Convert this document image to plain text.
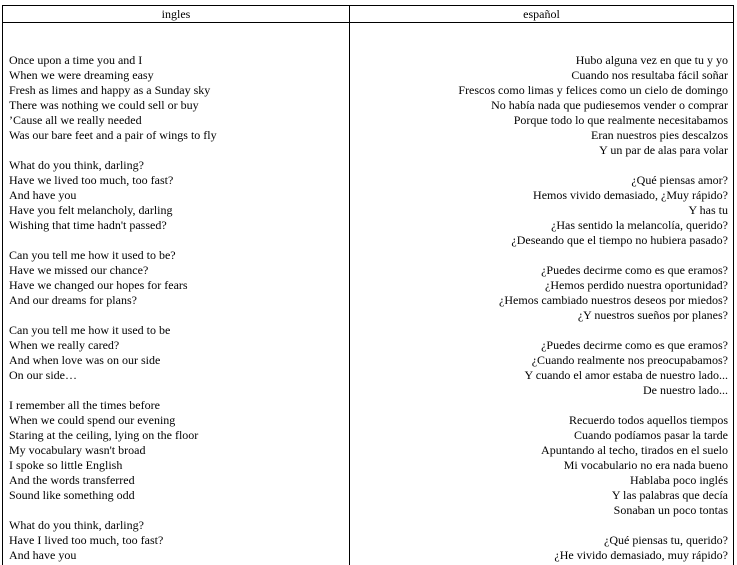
ingles	español
Once upon a time you and I
When we were dreaming easy
Fresh as limes and happy as a Sunday sky
There was nothing we could sell or buy
’Cause all we really needed
Was our bare feet and a pair of wings to fly
What do you think, darling?
Have we lived too much, too fast?
And have you
Have you felt melancholy, darling
Wishing that time hadn't passed?
Can you tell me how it used to be?
Have we missed our chance?
Have we changed our hopes for fears
And our dreams for plans?
Can you tell me how it used to be
When we really cared?
And when love was on our side
On our side…
I remember all the times before
When we could spend our evening
Staring at the ceiling, lying on the floor
My vocabulary wasn't broad
I spoke so little English
And the words transferred
Sound like something odd
What do you think, darling?
Have I lived too much, too fast?
And have you
Hubo alguna vez en que tu y yo
Cuando nos resultaba fácil soñar
Frescos como limas y felices como un cielo de domingo
No había nada que pudiesemos vender o comprar
Porque todo lo que realmente necesitabamos
Eran nuestros pies descalzos
Y un par de alas para volar
¿Qué piensas amor?
Hemos vivido demasiado, ¿Muy rápido?
Y has tu
¿Has sentido la melancolía, querido?
¿Deseando que el tiempo no hubiera pasado?
¿Puedes decirme como es que eramos?
¿Hemos perdido nuestra oportunidad?
¿Hemos cambiado nuestros deseos por miedos?
¿Y nuestros sueños por planes?
¿Puedes decirme como es que eramos?
¿Cuando realmente nos preocupabamos?
Y cuando el amor estaba de nuestro lado...
De nuestro lado...
Recuerdo todos aquellos tiempos
Cuando podíamos pasar la tarde
Apuntando al techo, tirados en el suelo
Mi vocabulario no era nada bueno
Hablaba poco inglés
Y las palabras que decía
Sonaban un poco tontas
¿Qué piensas tu, querido?
¿He vivido demasiado, muy rápido?
